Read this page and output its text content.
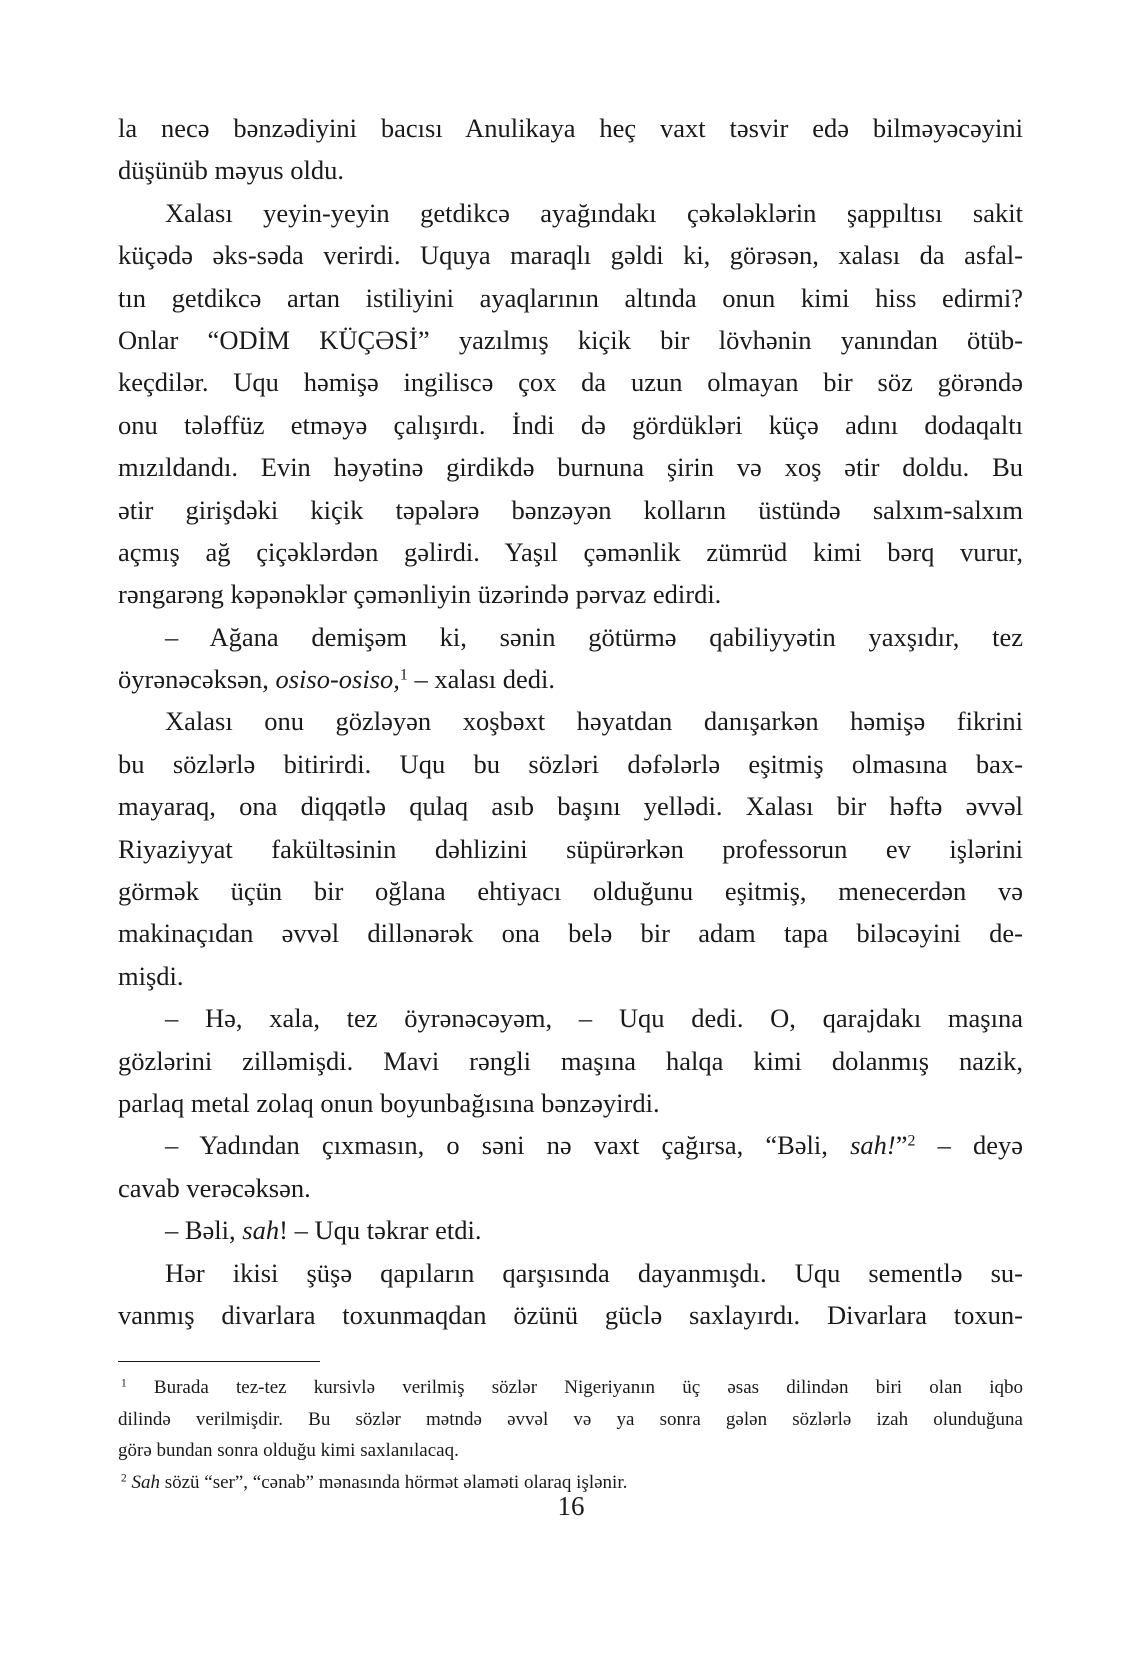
la necə bənzədiyini bacısı Anulikaya heç vaxt təsvir edə bilməyəcəyini
düşünüb məyus oldu.
Xalası yeyin-yeyin getdikcə ayağındakı çəkələklərin şappıltısı sakit
küçədə əks-səda verirdi. Uquya maraqlı gəldi ki, görəsən, xalası da asfal-
tın getdikcə artan istiliyini ayaqlarının altında onun kimi hiss edirmi?
Onlar “ODİM KÜÇƏSİ” yazılmış kiçik bir lövhənin yanından ötüb-
keçdilər. Uqu həmişə ingiliscə çox da uzun olmayan bir söz görəndə
onu tələffüz etməyə çalışırdı. İndi də gördükləri küçə adını dodaqaltı
mızıldandı. Evin həyətinə girdikdə burnuna şirin və xoş ətir doldu. Bu
ətir girişdəki kiçik təpələrə bənzəyən kolların üstündə salxım-salxım
açmış ağ çiçəklərdən gəlirdi. Yaşıl çəmənlik zümrüd kimi bərq vurur,
rəngarəng kəpənəklər çəmənliyin üzərində pərvaz edirdi.
– Ağana demişəm ki, sənin götürmə qabiliyyətin yaxşıdır, tez
öyrənəcəksən, osiso-osiso,$^1$ – xalası dedi.
Xalası onu gözləyən xoşbəxt həyatdan danışarkən həmişə fikrini
bu sözlərlə bitirirdi. Uqu bu sözləri dəfələrlə eşitmiş olmasına bax-
mayaraq, ona diqqətlə qulaq asıb başını yellədi. Xalası bir həftə əvvəl
Riyaziyyat fakültəsinin dəhlizini süpürərkən professorun ev işlərini
görmək üçün bir oğlana ehtiyacı olduğunu eşitmiş, menecerdən və
makinaçıdan əvvəl dillənərək ona belə bir adam tapa biləcəyini de-
mişdi.
– Hə, xala, tez öyrənəcəyəm, – Uqu dedi. O, qarajdakı maşına
gözlərini zilləmişdi. Mavi rəngli maşına halqa kimi dolanmış nazik,
parlaq metal zolaq onun boyunbağısına bənzəyirdi.
– Yadından çıxmasın, o səni nə vaxt çağırsa, “Bəli, sah!”$^2$ – deyə
cavab verəcəksən.
– Bəli, sah! – Uqu təkrar etdi.
Hər ikisi şüşə qapıların qarşısında dayanmışdı. Uqu sementlə su-
vanmış divarlara toxunmaqdan özünü güclə saxlayırdı. Divarlara toxun-
$^1$ Burada tez-tez kursivlə verilmiş sözlər Nigeriyanın üç əsas dilindən biri olan iqbo
dilində verilmişdir. Bu sözlər mətndə əvvəl və ya sonra gələn sözlərlə izah olunduğuna
görə bundan sonra olduğu kimi saxlanılacaq.
$^2$ Sah sözü “ser”, “cənab” mənasında hörmət əlaməti olaraq işlənir.
16
